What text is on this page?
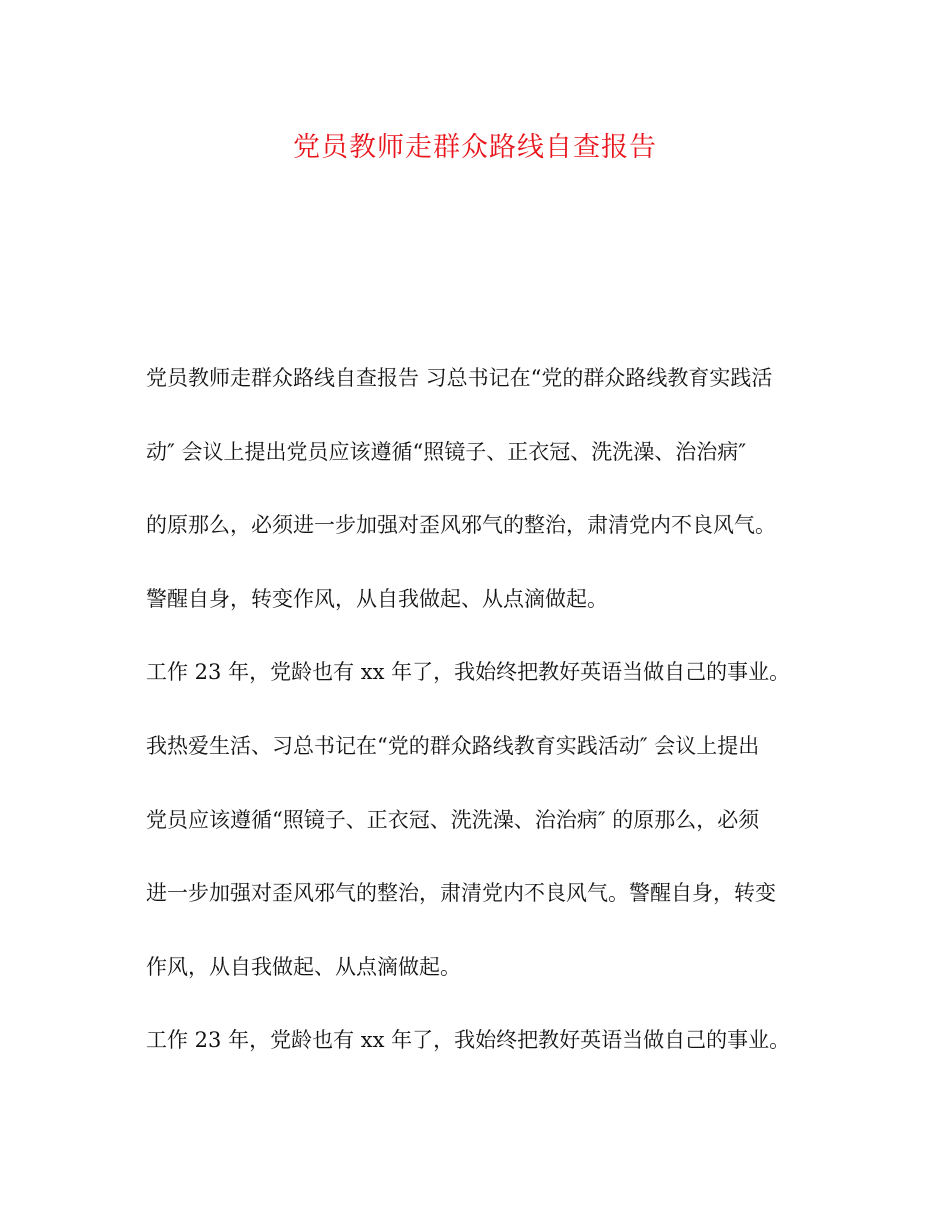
党员教师走群众路线自查报告
党员教师走群众路线自查报告 习总书记在“党的群众路线教育实践活
动″ 会议上提出党员应该遵循“照镜子、正衣冠、洗洗澡、治治病″
的原那么，必须进一步加强对歪风邪气的整治，肃清党内不良风气。
警醒自身，转变作风，从自我做起、从点滴做起。
工作 23 年，党龄也有 xx 年了，我始终把教好英语当做自己的事业。
我热爱生活、习总书记在“党的群众路线教育实践活动″ 会议上提出
党员应该遵循“照镜子、正衣冠、洗洗澡、治治病″ 的原那么，必须
进一步加强对歪风邪气的整治，肃清党内不良风气。警醒自身，转变
作风，从自我做起、从点滴做起。
工作 23 年，党龄也有 xx 年了，我始终把教好英语当做自己的事业。
